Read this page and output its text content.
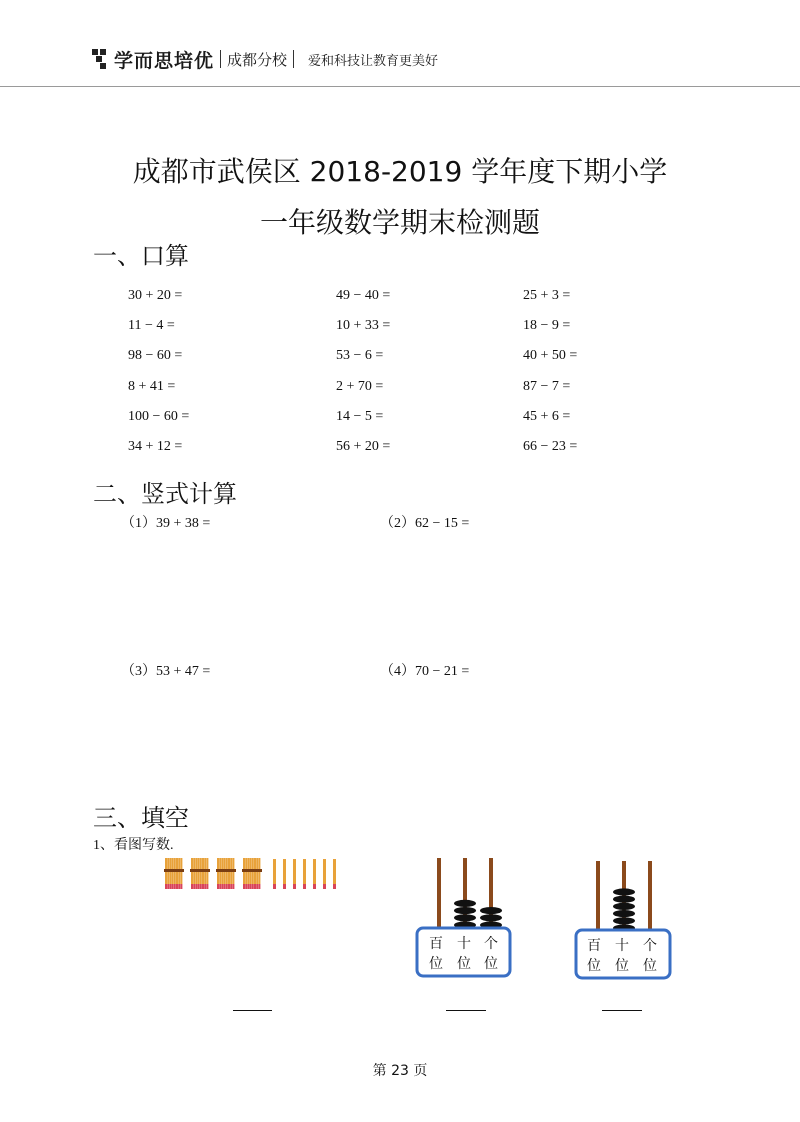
学而思培优 成都分校 爱和科技让教育更美好
成都市武侯区 2018-2019 学年度下期小学
一年级数学期末检测题
一、口算
30 + 20 =	49 − 40 =	25 + 3 =
11 − 4 =	10 + 33 =	18 − 9 =
98 − 60 =	53 − 6 =	40 + 50 =
8 + 41 =	2 + 70 =	87 − 7 =
100 − 60 =	14 − 5 =	45 + 6 =
34 + 12 =	56 + 20 =	66 − 23 =
二、竖式计算
（1）39 + 38 =	（2）62 − 15 =
（3）53 + 47 =	（4）70 − 21 =
三、填空
1、看图写数.
百
位
十
位
个
位
百
位
十
位
个
位
第 23 页
